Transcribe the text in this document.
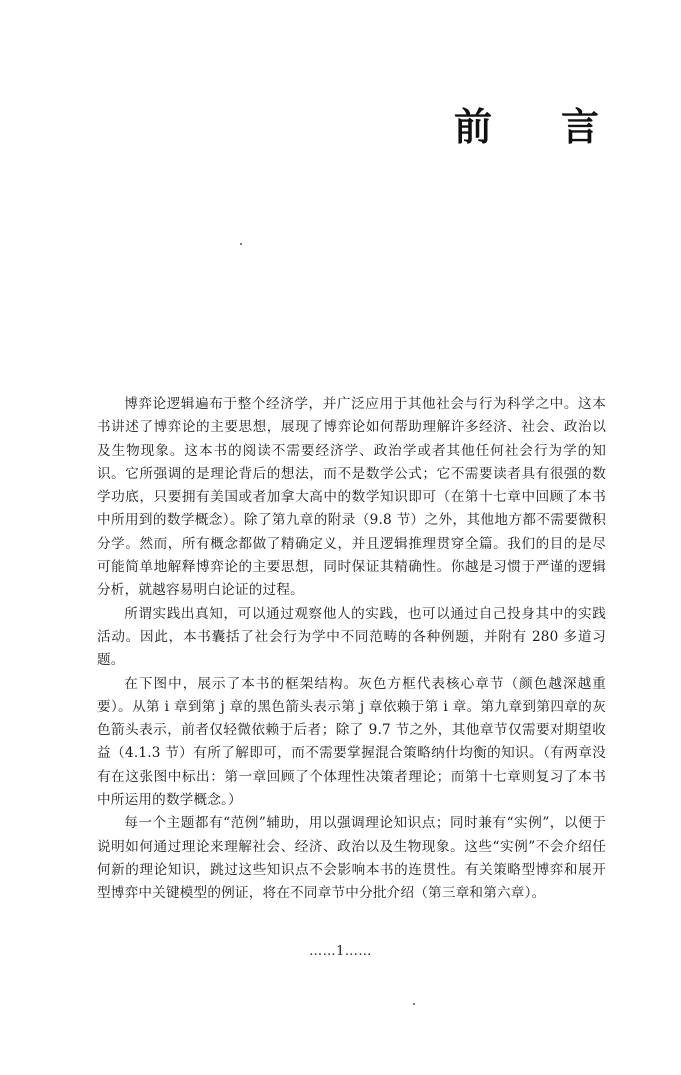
前 言

博弈论逻辑遍布于整个经济学，并广泛应用于其他社会与行为科学之中。这本书讲述了博弈论的主要思想，展现了博弈论如何帮助理解许多经济、社会、政治以及生物现象。这本书的阅读不需要经济学、政治学或者其他任何社会行为学的知识。它所强调的是理论背后的想法，而不是数学公式；它不需要读者具有很强的数学功底，只要拥有美国或者加拿大高中的数学知识即可（在第十七章中回顾了本书中所用到的数学概念）。除了第九章的附录（9.8 节）之外，其他地方都不需要微积分学。然而，所有概念都做了精确定义，并且逻辑推理贯穿全篇。我们的目的是尽可能简单地解释博弈论的主要思想，同时保证其精确性。你越是习惯于严谨的逻辑分析，就越容易明白论证的过程。

所谓实践出真知，可以通过观察他人的实践，也可以通过自己投身其中的实践活动。因此，本书囊括了社会行为学中不同范畴的各种例题，并附有 280 多道习题。

在下图中，展示了本书的框架结构。灰色方框代表核心章节（颜色越深越重要）。从第 i 章到第 j 章的黑色箭头表示第 j 章依赖于第 i 章。第九章到第四章的灰色箭头表示，前者仅轻微依赖于后者；除了 9.7 节之外，其他章节仅需要对期望收益（4.1.3 节）有所了解即可，而不需要掌握混合策略纳什均衡的知识。（有两章没有在这张图中标出：第一章回顾了个体理性决策者理论；而第十七章则复习了本书中所运用的数学概念。）

每一个主题都有“范例”辅助，用以强调理论知识点；同时兼有“实例”，以便于说明如何通过理论来理解社会、经济、政治以及生物现象。这些“实例”不会介绍任何新的理论知识，跳过这些知识点不会影响本书的连贯性。有关策略型博弈和展开型博弈中关键模型的例证，将在不同章节中分批介绍（第三章和第六章）。

……1……
